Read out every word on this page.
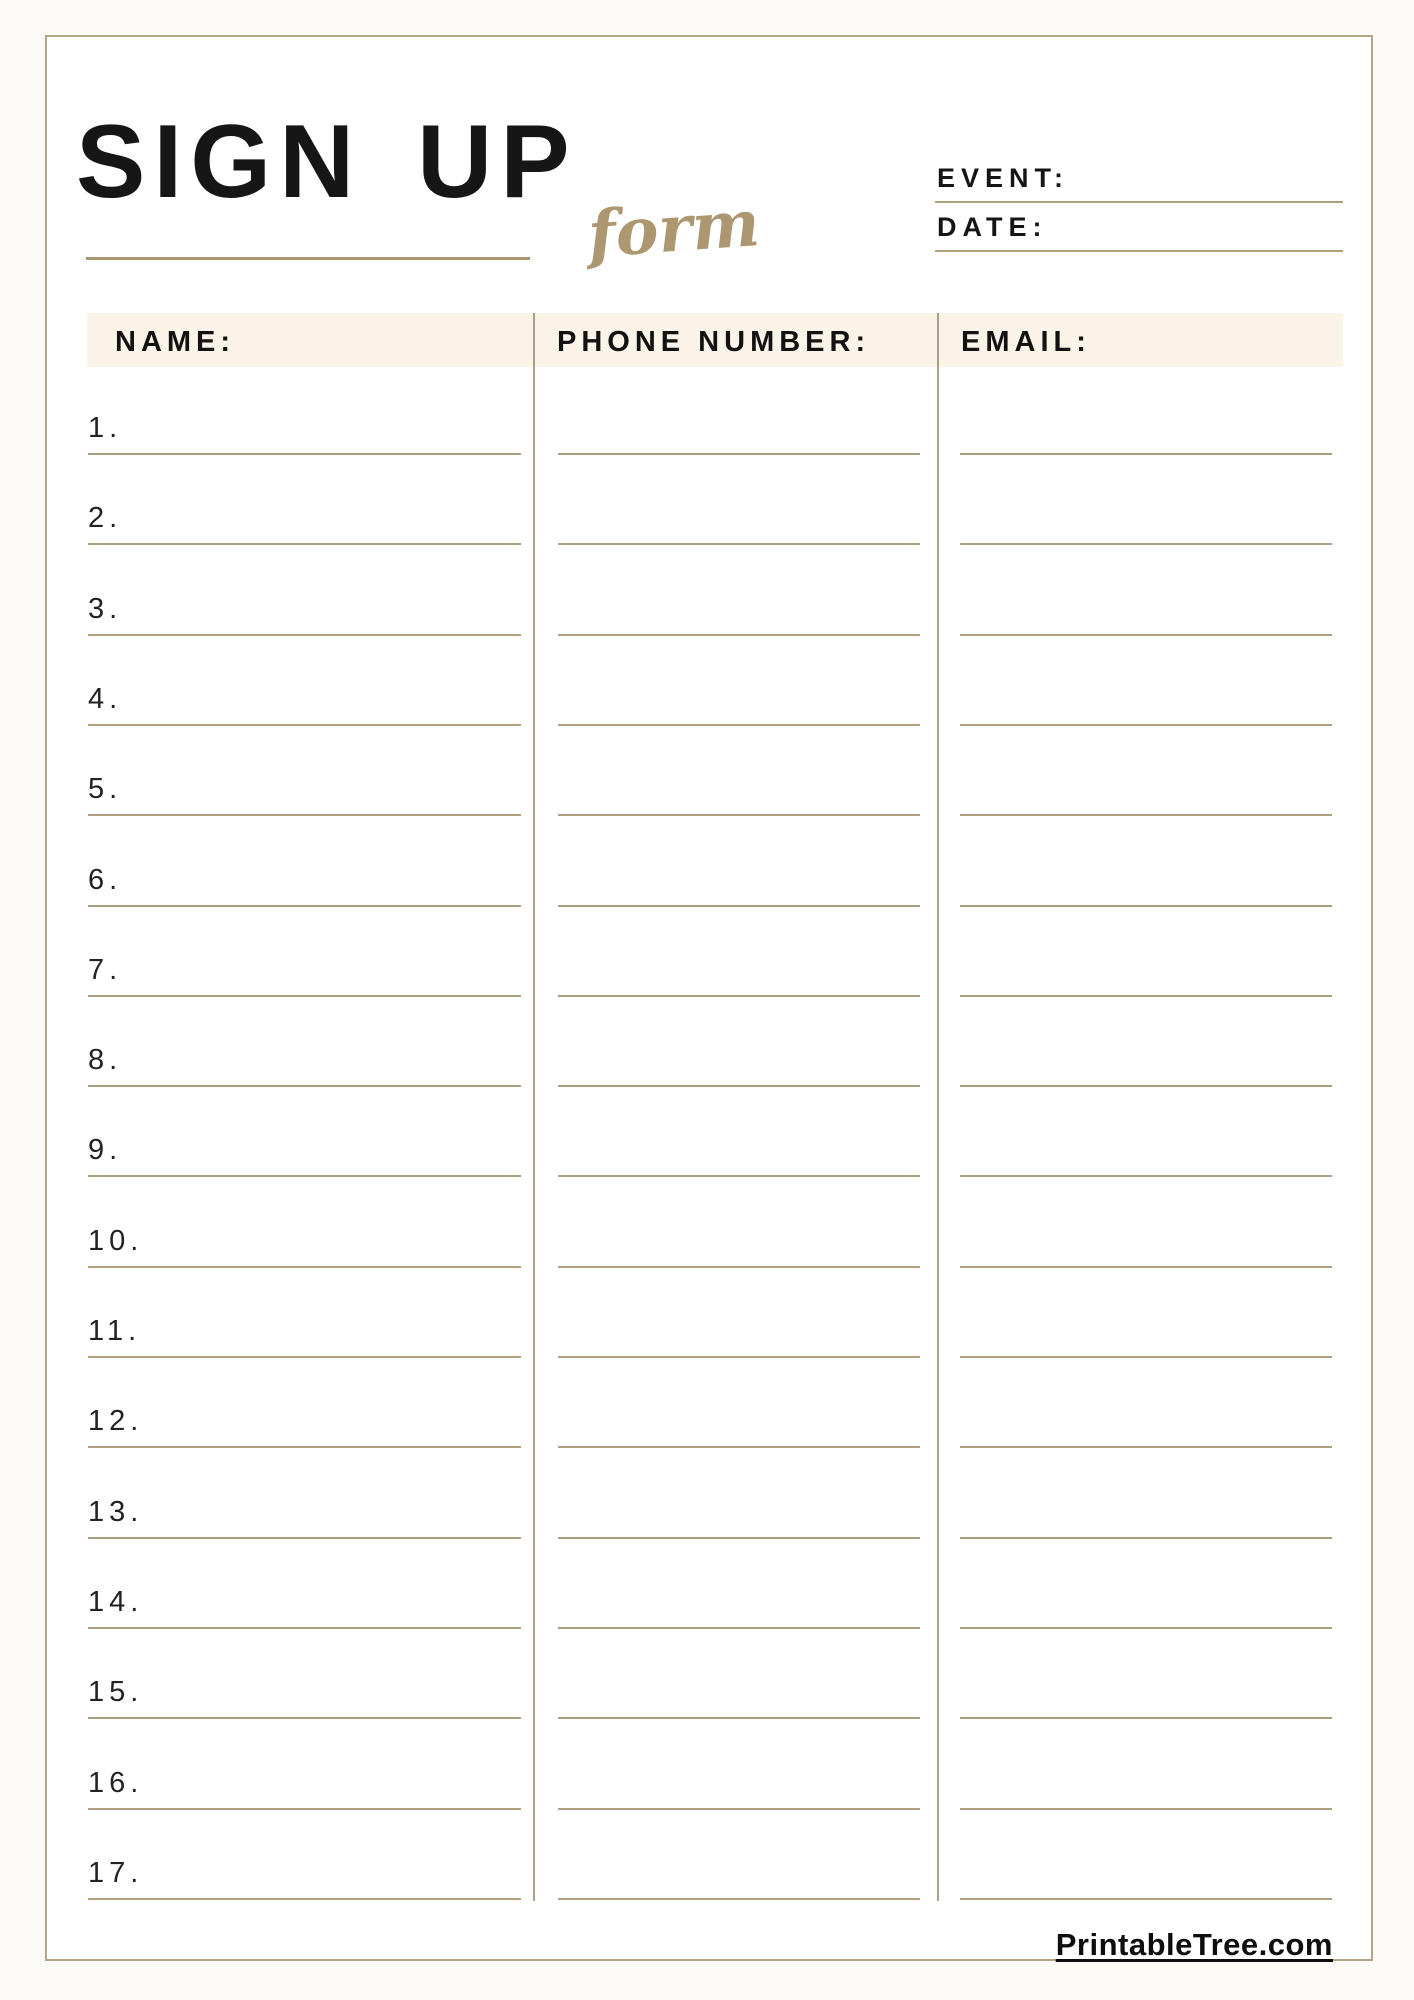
SIGN UP
form
EVENT:
DATE:
NAME:	PHONE NUMBER:	EMAIL:
1.
2.
3.
4.
5.
6.
7.
8.
9.
10.
11.
12.
13.
14.
15.
16.
17.
PrintableTree.com
